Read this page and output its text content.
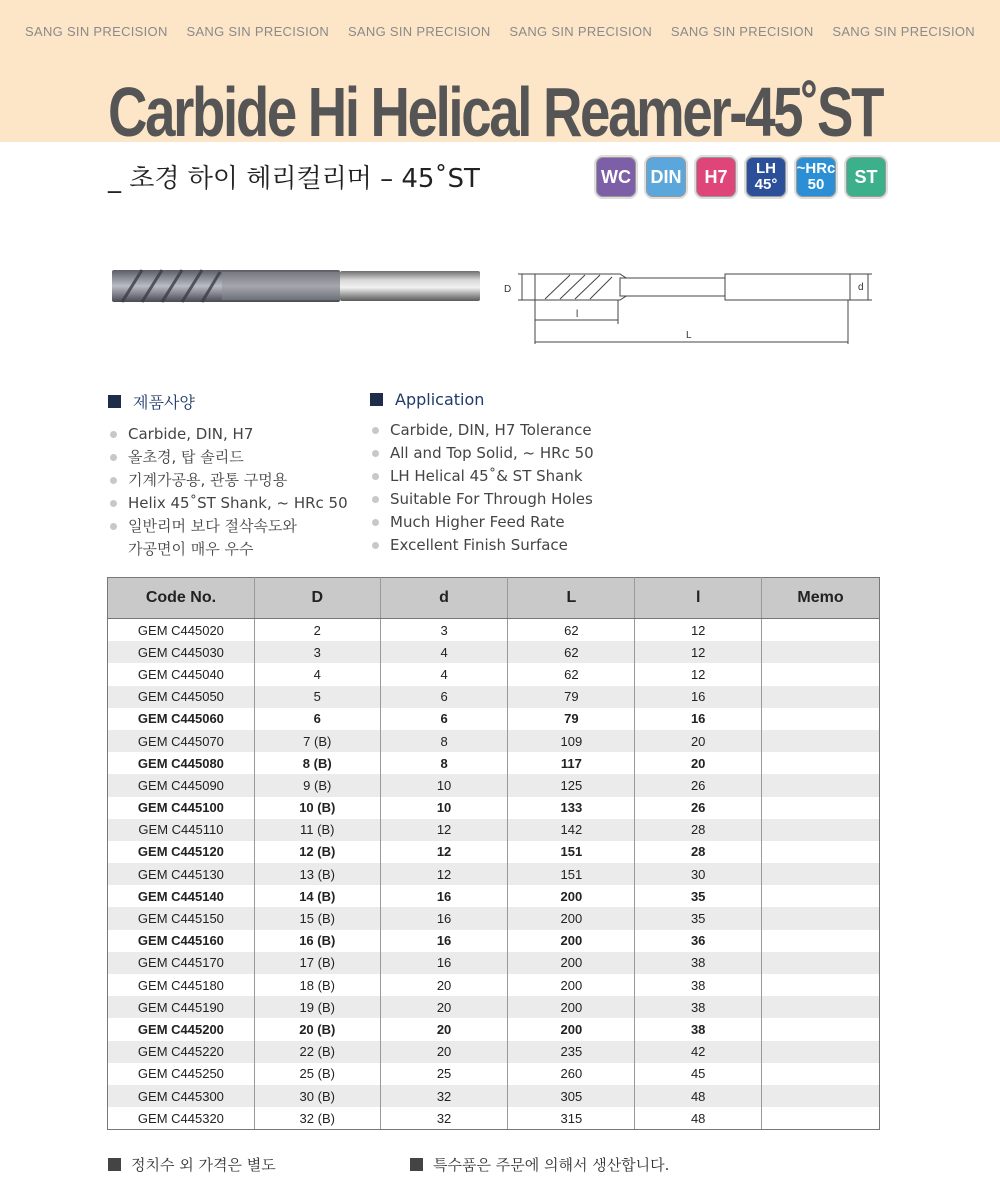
SANG SIN PRECISION SANG SIN PRECISION SANG SIN PRECISION SANG SIN PRECISION SANG SIN PRECISION SANG SIN PRECISION
Carbide Hi Helical Reamer-45˚ST
_ 초경 하이 헤리컬리머 – 45˚ST	WC DIN H7 LH
45°
~HRc
50 ST
D	d
l
L
제품사양
Carbide, DIN, H7
올초경, 탑 솔리드
기계가공용, 관통 구멍용
Helix 45˚ST Shank, ~ HRc 50
일반리머 보다 절삭속도와
가공면이 매우 우수
Application
Carbide, DIN, H7 Tolerance
All and Top Solid, ~ HRc 50
LH Helical 45˚& ST Shank
Suitable For Through Holes
Much Higher Feed Rate
Excellent Finish Surface
Code No.	D	d	L	l	Memo
GEM C445020	2	3	62	12	
GEM C445030	3	4	62	12	
GEM C445040	4	4	62	12	
GEM C445050	5	6	79	16	
GEM C445060	6	6	79	16	
GEM C445070	7 (B)	8	109	20	
GEM C445080	8 (B)	8	117	20	
GEM C445090	9 (B)	10	125	26	
GEM C445100	10 (B)	10	133	26	
GEM C445110	11 (B)	12	142	28	
GEM C445120	12 (B)	12	151	28	
GEM C445130	13 (B)	12	151	30	
GEM C445140	14 (B)	16	200	35	
GEM C445150	15 (B)	16	200	35	
GEM C445160	16 (B)	16	200	36	
GEM C445170	17 (B)	16	200	38	
GEM C445180	18 (B)	20	200	38	
GEM C445190	19 (B)	20	200	38	
GEM C445200	20 (B)	20	200	38	
GEM C445220	22 (B)	20	235	42	
GEM C445250	25 (B)	25	260	45	
GEM C445300	30 (B)	32	305	48	
GEM C445320	32 (B)	32	315	48	
정치수 외 가격은 별도	특수품은 주문에 의해서 생산합니다.
